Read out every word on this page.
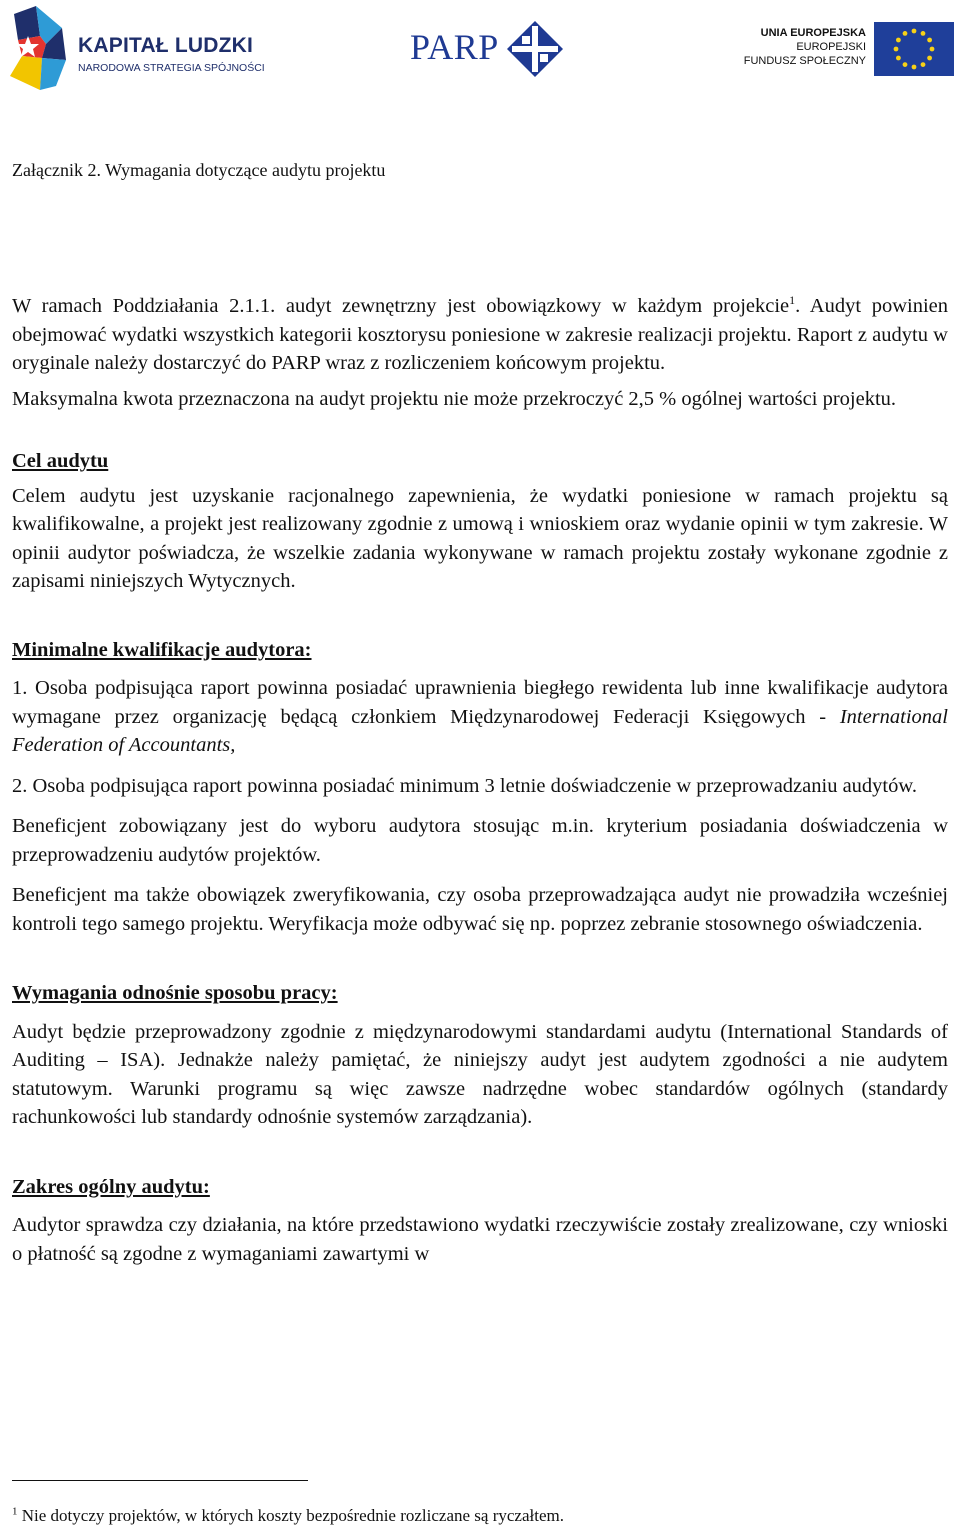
KAPITAŁ LUDZKI
NARODOWA STRATEGIA SPÓJNOŚCI
PARP	UNIA EUROPEJSKA
EUROPEJSKI
FUNDUSZ SPOŁECZNY
Załącznik 2. Wymagania dotyczące audytu projektu

W ramach Poddziałania 2.1.1. audyt zewnętrzny jest obowiązkowy w każdym projekcie$^1$. Audyt powinien obejmować wydatki wszystkich kategorii kosztorysu poniesione w zakresie realizacji projektu. Raport z audytu w oryginale należy dostarczyć do PARP wraz z rozliczeniem końcowym projektu.

Maksymalna kwota przeznaczona na audyt projektu nie może przekroczyć 2,5 % ogólnej wartości projektu.

Cel audytu

Celem audytu jest uzyskanie racjonalnego zapewnienia, że wydatki poniesione w ramach projektu są kwalifikowalne, a projekt jest realizowany zgodnie z umową i wnioskiem oraz wydanie opinii w tym zakresie. W opinii audytor poświadcza, że wszelkie zadania wykonywane w ramach projektu zostały wykonane zgodnie z zapisami niniejszych Wytycznych.

Minimalne kwalifikacje audytora:

1. Osoba podpisująca raport powinna posiadać uprawnienia biegłego rewidenta lub inne kwalifikacje audytora wymagane przez organizację będącą członkiem Międzynarodowej Federacji Księgowych - International Federation of Accountants,

2. Osoba podpisująca raport powinna posiadać minimum 3 letnie doświadczenie w przeprowadzaniu audytów.

Beneficjent zobowiązany jest do wyboru audytora stosując m.in. kryterium posiadania doświadczenia w przeprowadzeniu audytów projektów.

Beneficjent ma także obowiązek zweryfikowania, czy osoba przeprowadzająca audyt nie prowadziła wcześniej kontroli tego samego projektu. Weryfikacja może odbywać się np. poprzez zebranie stosownego oświadczenia.

Wymagania odnośnie sposobu pracy:

Audyt będzie przeprowadzony zgodnie z międzynarodowymi standardami audytu (International Standards of Auditing – ISA). Jednakże należy pamiętać, że niniejszy audyt jest audytem zgodności a nie audytem statutowym. Warunki programu są więc zawsze nadrzędne wobec standardów ogólnych (standardy rachunkowości lub standardy odnośnie systemów zarządzania).

Zakres ogólny audytu:

Audytor sprawdza czy działania, na które przedstawiono wydatki rzeczywiście zostały zrealizowane, czy wnioski o płatność są zgodne z wymaganiami zawartymi w

$^1$ Nie dotyczy projektów, w których koszty bezpośrednie rozliczane są ryczałtem.
